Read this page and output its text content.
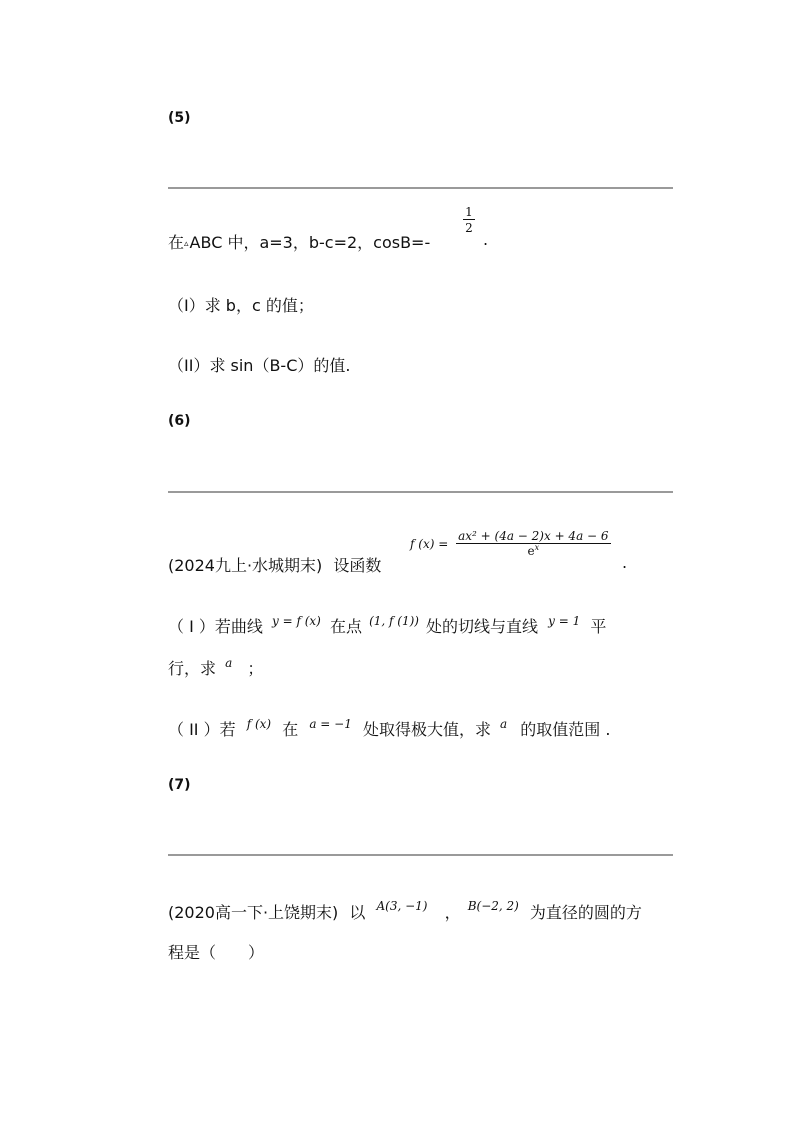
(5)
在▵ABC 中，a=3，b-c=2，cosB=-
$\frac{1}{2}$
.
（I）求 b，c 的值；
（II）求 sin（B-C）的值.
(6)
(2024九上·水城期末) 设函数
f $(x) = \frac{\text{ax² + (4a − 2)x + 4a − 6}}{e^x}$
.
（ I ）若曲线 $^{y = f (x)}$ 在点 $^{(1, f (1))}$ 处的切线与直线 $^{y = 1}$ 平
行，求 $^a$ ；
（ II ）若 $^{f (x)}$ 在 $^{a = -1}$ 处取得极大值，求 $^a$ 的取值范围 .
(7)
(2020高一下·上饶期末) 以 $^{A(3, -1)}$ ， $^{B(-2, 2)}$ 为直径的圆的方
程是（　　）
